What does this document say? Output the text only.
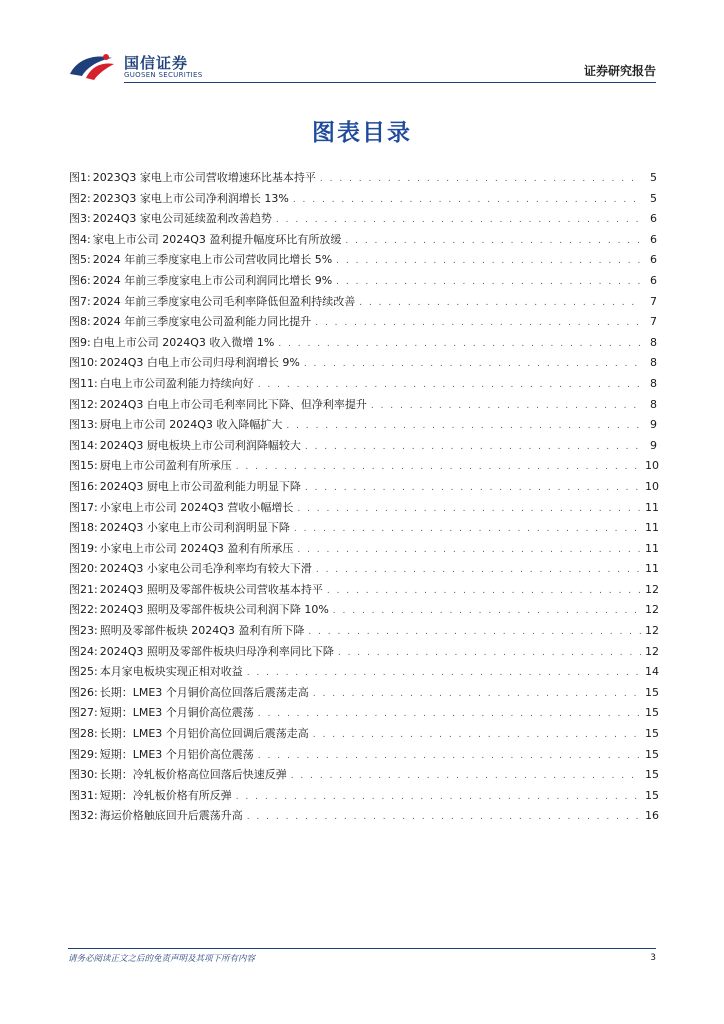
国信证券
GUOSEN SECURITIES	证券研究报告
图表目录
图1: 2023Q3 家电上市公司营收增速环比基本持平 . . .	5
图2: 2023Q3 家电上市公司净利润增长 13% . . .	5
图3: 2024Q3 家电公司延续盈利改善趋势 . . .	6
图4: 家电上市公司 2024Q3 盈利提升幅度环比有所放缓 . . .	6
图5: 2024 年前三季度家电上市公司营收同比增长 5% . . .	6
图6: 2024 年前三季度家电上市公司利润同比增长 9% . . .	6
图7: 2024 年前三季度家电公司毛利率降低但盈利持续改善 . . .	7
图8: 2024 年前三季度家电公司盈利能力同比提升 . . .	7
图9: 白电上市公司 2024Q3 收入微增 1% . . .	8
图10: 2024Q3 白电上市公司归母利润增长 9% . . .	8
图11: 白电上市公司盈利能力持续向好 . . .	8
图12: 2024Q3 白电上市公司毛利率同比下降、但净利率提升 . . .	8
图13: 厨电上市公司 2024Q3 收入降幅扩大 . . .	9
图14: 2024Q3 厨电板块上市公司利润降幅较大 . . .	9
图15: 厨电上市公司盈利有所承压 . . .	10
图16: 2024Q3 厨电上市公司盈利能力明显下降 . . .	10
图17: 小家电上市公司 2024Q3 营收小幅增长 . . .	11
图18: 2024Q3 小家电上市公司利润明显下降 . . .	11
图19: 小家电上市公司 2024Q3 盈利有所承压 . . .	11
图20: 2024Q3 小家电公司毛净利率均有较大下滑 . . .	11
图21: 2024Q3 照明及零部件板块公司营收基本持平 . . .	12
图22: 2024Q3 照明及零部件板块公司利润下降 10% . . .	12
图23: 照明及零部件板块 2024Q3 盈利有所下降 . . .	12
图24: 2024Q3 照明及零部件板块归母净利率同比下降 . . .	12
图25: 本月家电板块实现正相对收益 . . .	14
图26: 长期：LME3 个月铜价高位回落后震荡走高 . . .	15
图27: 短期：LME3 个月铜价高位震荡 . . .	15
图28: 长期：LME3 个月铝价高位回调后震荡走高 . . .	15
图29: 短期：LME3 个月铝价高位震荡 . . .	15
图30: 长期：冷轧板价格高位回落后快速反弹 . . .	15
图31: 短期：冷轧板价格有所反弹 . . .	15
图32: 海运价格触底回升后震荡升高 . . .	16
请务必阅读正文之后的免责声明及其项下所有内容	3
